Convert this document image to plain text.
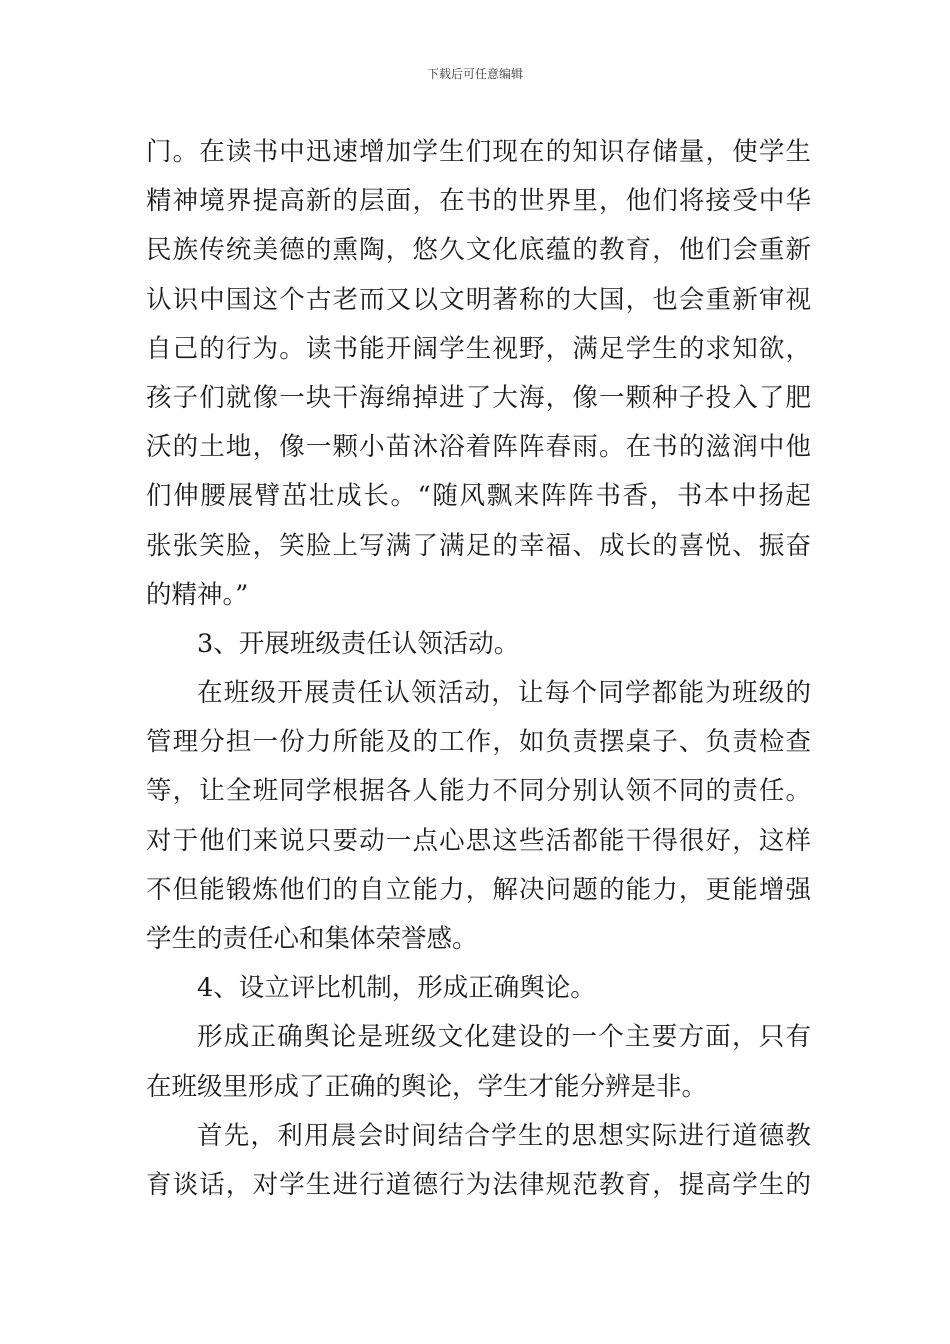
下载后可任意编辑
门。在读书中迅速增加学生们现在的知识存储量，使学生
精神境界提高新的层面，在书的世界里，他们将接受中华
民族传统美德的熏陶，悠久文化底蕴的教育，他们会重新
认识中国这个古老而又以文明著称的大国，也会重新审视
自己的行为。读书能开阔学生视野，满足学生的求知欲，
孩子们就像一块干海绵掉进了大海，像一颗种子投入了肥
沃的土地，像一颗小苗沐浴着阵阵春雨。在书的滋润中他
们伸腰展臂茁壮成长。“随风飘来阵阵书香，书本中扬起
张张笑脸，笑脸上写满了满足的幸福、成长的喜悦、振奋
的精神。”
3、开展班级责任认领活动。
在班级开展责任认领活动，让每个同学都能为班级的
管理分担一份力所能及的工作，如负责摆桌子、负责检查
等，让全班同学根据各人能力不同分别认领不同的责任。
对于他们来说只要动一点心思这些活都能干得很好，这样
不但能锻炼他们的自立能力，解决问题的能力，更能增强
学生的责任心和集体荣誉感。
4、设立评比机制，形成正确舆论。
形成正确舆论是班级文化建设的一个主要方面，只有
在班级里形成了正确的舆论，学生才能分辨是非。
首先，利用晨会时间结合学生的思想实际进行道德教
育谈话，对学生进行道德行为法律规范教育，提高学生的
